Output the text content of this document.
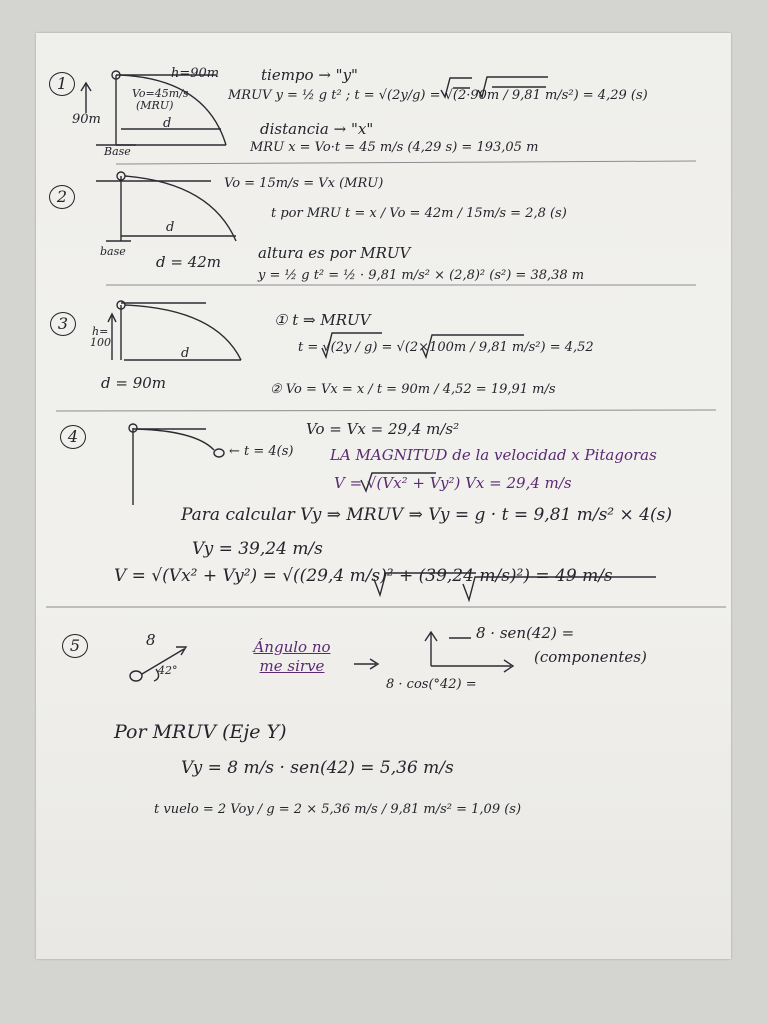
1
h=90m
90m
Vo=45m/s
(MRU)
d
Base
tiempo → "y"
MRUV y = ½ g t² ; t = √(2y/g) = √(2·90m / 9,81 m/s²) = 4,29 (s)
distancia → "x"
MRU x = Vo·t = 45 m/s (4,29 s) = 193,05 m
2
d
base
d = 42m
Vo = 15m/s = Vx (MRU)
t por MRU t = x / Vo = 42m / 15m/s = 2,8 (s)
altura es por MRUV
y = ½ g t² = ½ · 9,81 m/s² × (2,8)² (s²) = 38,38 m
3	h=
100
d
d = 90m
① t ⇒ MRUV
t = √(2y / g) = √(2×100m / 9,81 m/s²) = 4,52
② Vo = Vx = x / t = 90m / 4,52 = 19,91 m/s
4
← t = 4(s)
Vo = Vx = 29,4 m/s²
LA MAGNITUD de la velocidad x Pitagoras
V = √(Vx² + Vy²) Vx = 29,4 m/s
Para calcular Vy ⇒ MRUV ⇒ Vy = g · t = 9,81 m/s² × 4(s)
Vy = 39,24 m/s
V = √(Vx² + Vy²) = √((29,4 m/s)² + (39,24 m/s)²) = 49 m/s
5	8
42°
Ángulo no me sirve
8 · sen(42) =
(componentes)
8 · cos(°42) =
Por MRUV (Eje Y)
Vy = 8 m/s · sen(42) = 5,36 m/s
t vuelo = 2 Voy / g = 2 × 5,36 m/s / 9,81 m/s² = 1,09 (s)
